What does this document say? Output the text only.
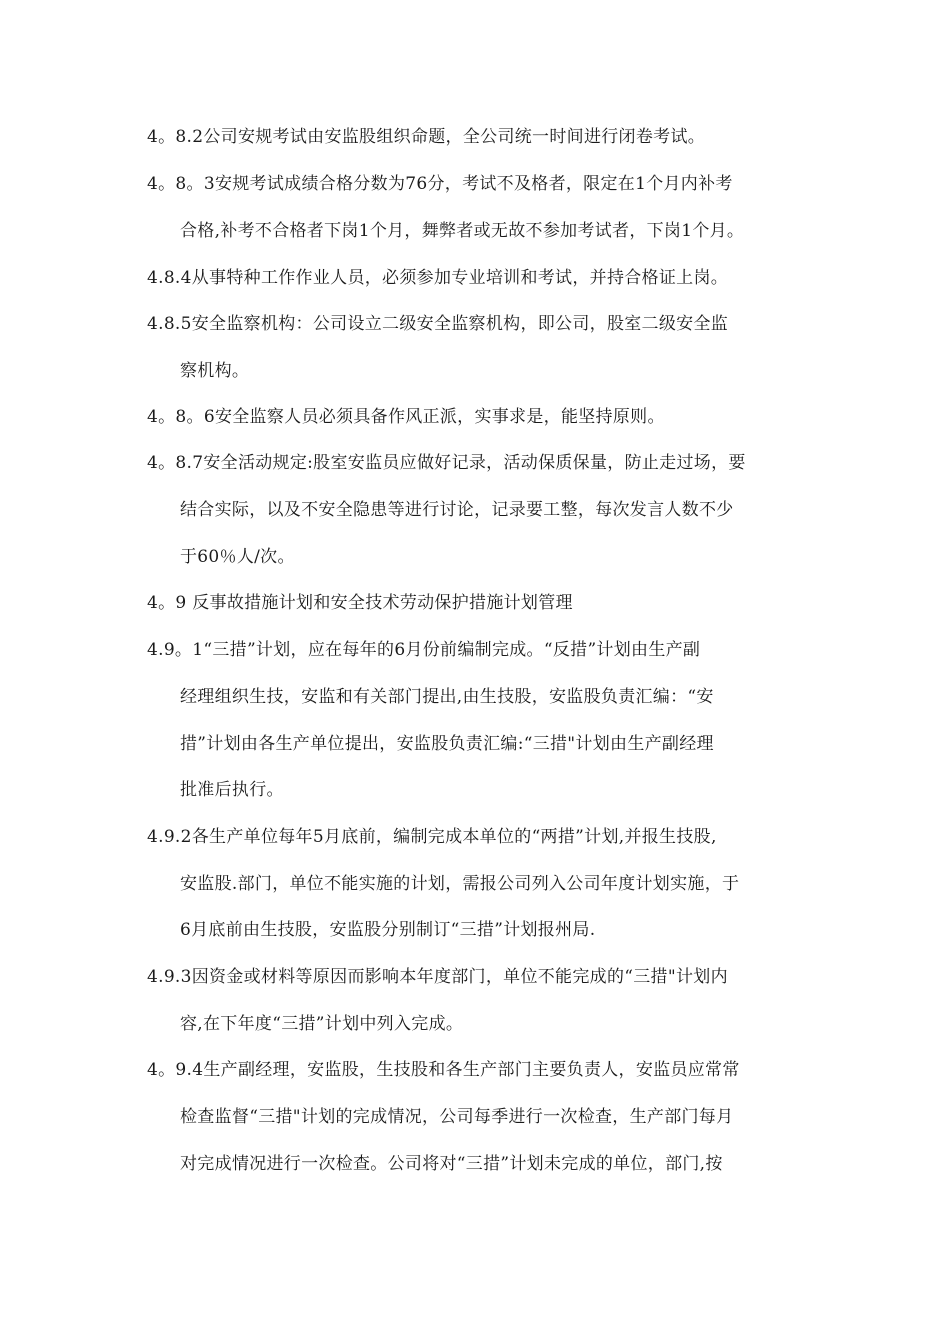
4。8.2公司安规考试由安监股组织命题，全公司统一时间进行闭卷考试。
4。8。3安规考试成绩合格分数为76分，考试不及格者，限定在1个月内补考
合格,补考不合格者下岗1个月，舞弊者或无故不参加考试者，下岗1个月。
4.8.4从事特种工作作业人员，必须参加专业培训和考试，并持合格证上岗。
4.8.5安全监察机构：公司设立二级安全监察机构，即公司，股室二级安全监
察机构。
4。8。6安全监察人员必须具备作风正派，实事求是，能坚持原则。
4。8.7安全活动规定:股室安监员应做好记录，活动保质保量，防止走过场，要
结合实际，以及不安全隐患等进行讨论，记录要工整，每次发言人数不少
于60％人/次。
4。9 反事故措施计划和安全技术劳动保护措施计划管理
4.9。1“三措”计划，应在每年的6月份前编制完成。“反措”计划由生产副
经理组织生技，安监和有关部门提出,由生技股，安监股负责汇编：“安
措”计划由各生产单位提出，安监股负责汇编:“三措"计划由生产副经理
批准后执行。
4.9.2各生产单位每年5月底前，编制完成本单位的“两措”计划,并报生技股,
安监股.部门，单位不能实施的计划，需报公司列入公司年度计划实施，于
6月底前由生技股，安监股分别制订“三措”计划报州局.
4.9.3因资金或材料等原因而影响本年度部门，单位不能完成的“三措"计划内
容,在下年度“三措”计划中列入完成。
4。9.4生产副经理，安监股，生技股和各生产部门主要负责人，安监员应常常
检查监督“三措"计划的完成情况，公司每季进行一次检查，生产部门每月
对完成情况进行一次检查。公司将对“三措”计划未完成的单位，部门,按
